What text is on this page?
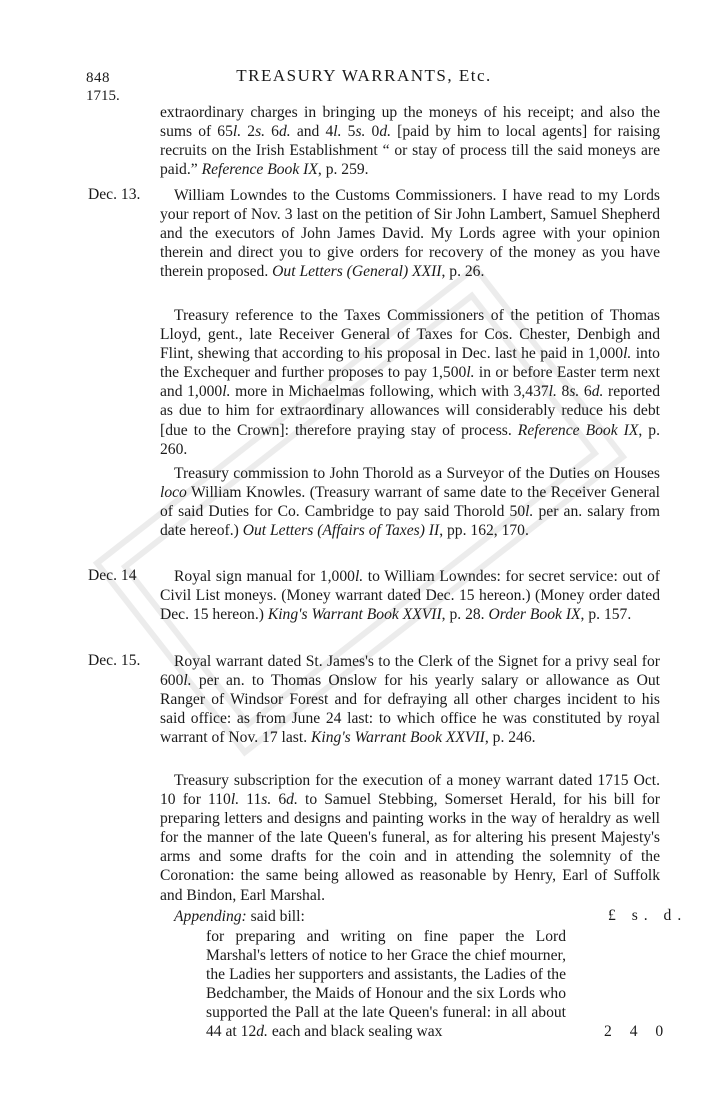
848
1715.
TREASURY WARRANTS, Etc.

extraordinary charges in bringing up the moneys of his receipt; and also the sums of 65l. 2s. 6d. and 4l. 5s. 0d. [paid by him to local agents] for raising recruits on the Irish Establishment “ or stay of process till the said moneys are paid.” Reference Book IX, p. 259.

Dec. 13.	William Lowndes to the Customs Commissioners. I have read to my Lords your report of Nov. 3 last on the petition of Sir John Lambert, Samuel Shepherd and the executors of John James David. My Lords agree with your opinion therein and direct you to give orders for recovery of the money as you have therein proposed. Out Letters (General) XXII, p. 26.

Treasury reference to the Taxes Commissioners of the petition of Thomas Lloyd, gent., late Receiver General of Taxes for Cos. Chester, Denbigh and Flint, shewing that according to his proposal in Dec. last he paid in 1,000l. into the Exchequer and further proposes to pay 1,500l. in or before Easter term next and 1,000l. more in Michaelmas following, which with 3,437l. 8s. 6d. reported as due to him for extraordinary allowances will considerably reduce his debt [due to the Crown]: therefore praying stay of process. Reference Book IX, p. 260.

Treasury commission to John Thorold as a Surveyor of the Duties on Houses loco William Knowles. (Treasury warrant of same date to the Receiver General of said Duties for Co. Cambridge to pay said Thorold 50l. per an. salary from date hereof.) Out Letters (Affairs of Taxes) II, pp. 162, 170.

Dec. 14	Royal sign manual for 1,000l. to William Lowndes: for secret service: out of Civil List moneys. (Money warrant dated Dec. 15 hereon.) (Money order dated Dec. 15 hereon.) King's Warrant Book XXVII, p. 28. Order Book IX, p. 157.

Dec. 15.	Royal warrant dated St. James's to the Clerk of the Signet for a privy seal for 600l. per an. to Thomas Onslow for his yearly salary or allowance as Out Ranger of Windsor Forest and for defraying all other charges incident to his said office: as from June 24 last: to which office he was constituted by royal warrant of Nov. 17 last. King's Warrant Book XXVII, p. 246.

Treasury subscription for the execution of a money warrant dated 1715 Oct. 10 for 110l. 11s. 6d. to Samuel Stebbing, Somerset Herald, for his bill for preparing letters and designs and painting works in the way of heraldry as well for the manner of the late Queen's funeral, as for altering his present Majesty's arms and some drafts for the coin and in attending the solemnity of the Coronation: the same being allowed as reasonable by Henry, Earl of Suffolk and Bindon, Earl Marshal.

Appending: said bill:	£ s. d.
for preparing and writing on fine paper the Lord Marshal's letters of notice to her Grace the chief mourner, the Ladies her supporters and assistants, the Ladies of the Bedchamber, the Maids of Honour and the six Lords who supported the Pall at the late Queen's funeral: in all about 44 at 12d. each and black sealing wax	2 4 0
